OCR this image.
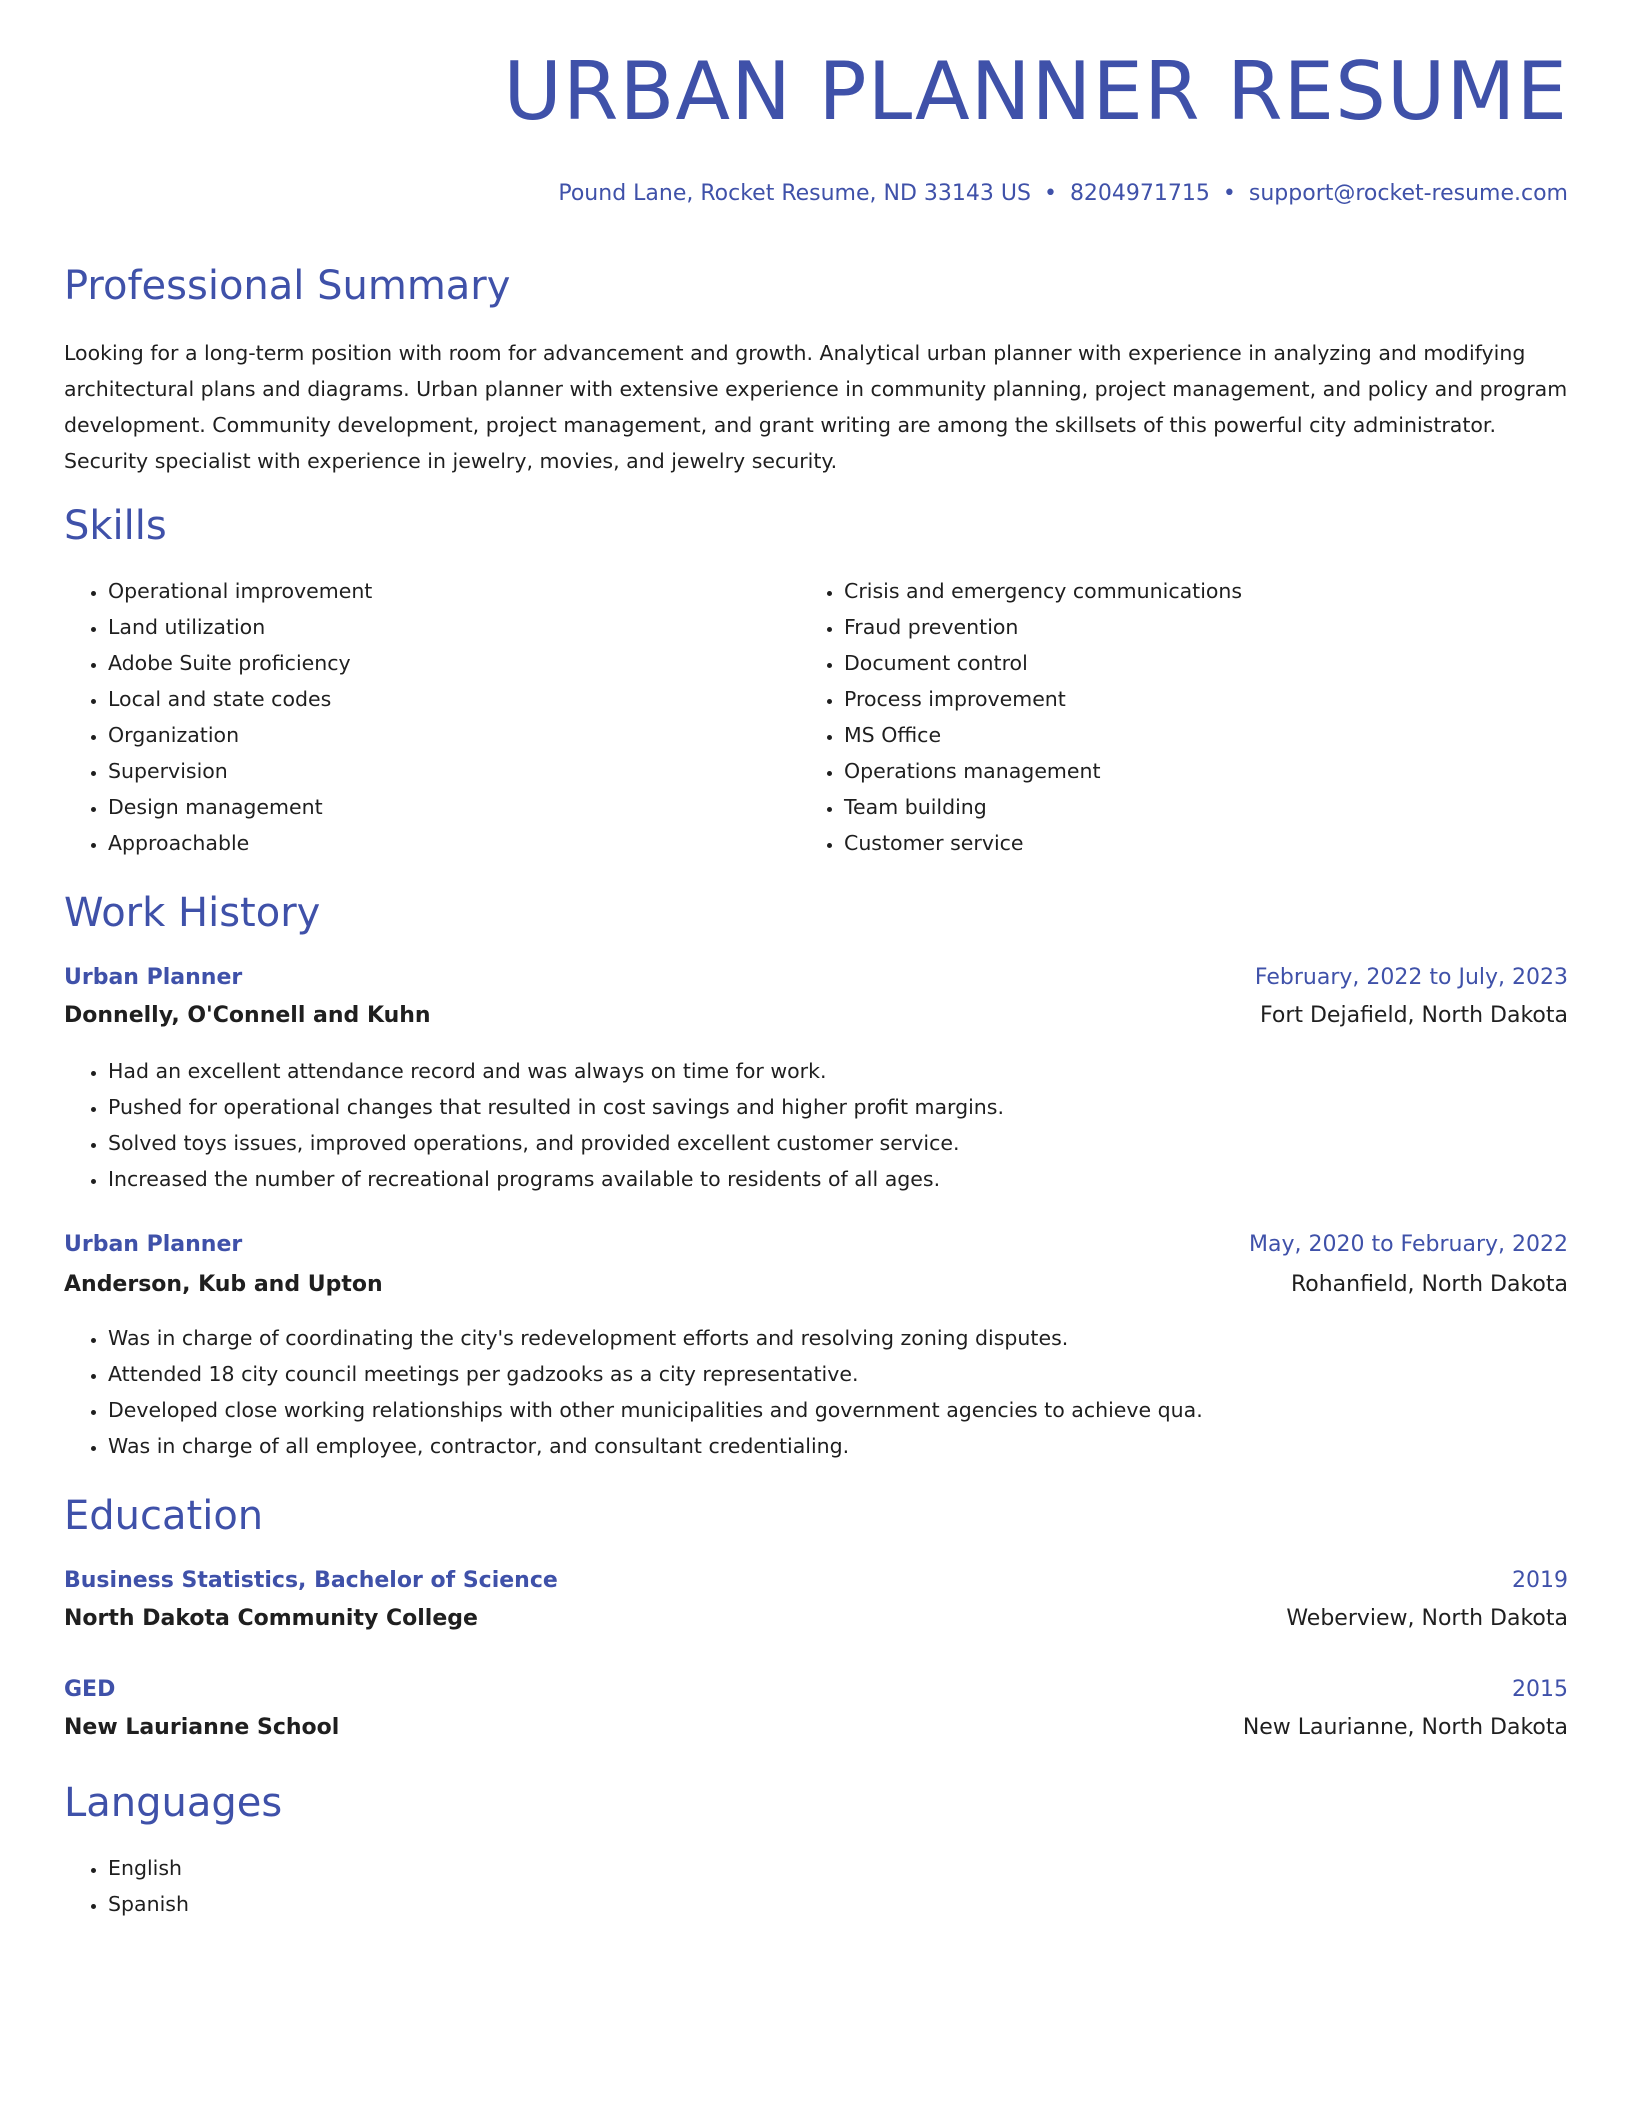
URBAN PLANNER RESUME
Pound Lane, Rocket Resume, ND 33143 US • 8204971715 • support@rocket-resume.com
Professional Summary

Looking for a long-term position with room for advancement and growth. Analytical urban planner with experience in analyzing and modifying architectural plans and diagrams. Urban planner with extensive experience in community planning, project management, and policy and program development. Community development, project management, and grant writing are among the skillsets of this powerful city administrator. Security specialist with experience in jewelry, movies, and jewelry security.

Skills
• Operational improvement
• Land utilization
• Adobe Suite proficiency
• Local and state codes
• Organization
• Supervision
• Design management
• Approachable
• Crisis and emergency communications
• Fraud prevention
• Document control
• Process improvement
• MS Office
• Operations management
• Team building
• Customer service
Work History
Urban Planner	February, 2022 to July, 2023
Donnelly, O'Connell and Kuhn	Fort Dejafield, North Dakota
• Had an excellent attendance record and was always on time for work.
• Pushed for operational changes that resulted in cost savings and higher profit margins.
• Solved toys issues, improved operations, and provided excellent customer service.
• Increased the number of recreational programs available to residents of all ages.
Urban Planner	May, 2020 to February, 2022
Anderson, Kub and Upton	Rohanfield, North Dakota
• Was in charge of coordinating the city's redevelopment efforts and resolving zoning disputes.
• Attended 18 city council meetings per gadzooks as a city representative.
• Developed close working relationships with other municipalities and government agencies to achieve qua.
• Was in charge of all employee, contractor, and consultant credentialing.
Education
Business Statistics, Bachelor of Science	2019
North Dakota Community College	Weberview, North Dakota
GED	2015
New Laurianne School	New Laurianne, North Dakota
Languages
• English
• Spanish
